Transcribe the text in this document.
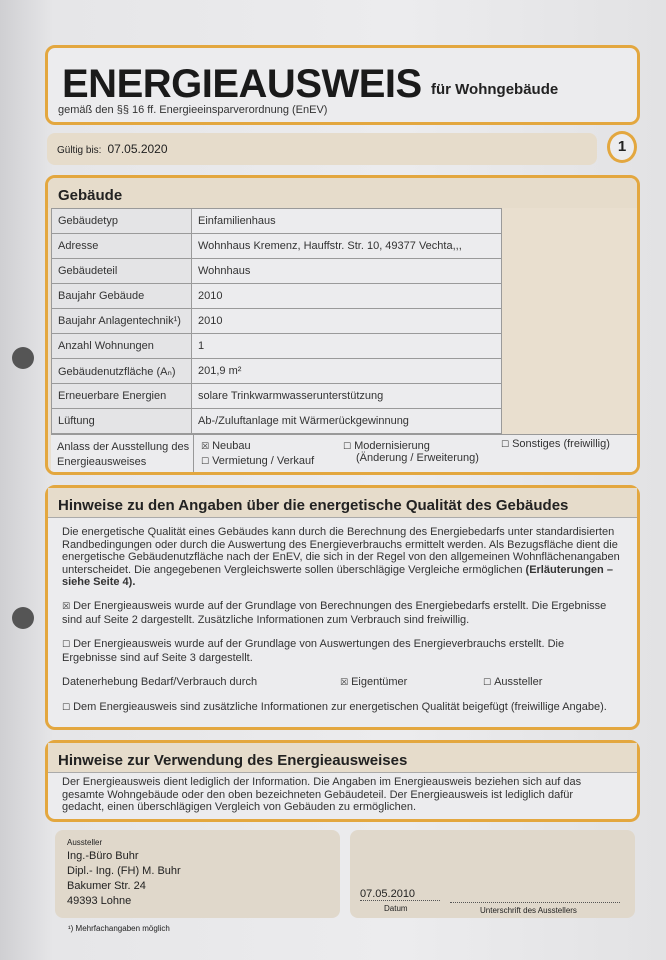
ENERGIEAUSWEIS für Wohngebäude
gemäß den §§ 16 ff. Energieeinsparverordnung (EnEV)
Gültig bis: 07.05.2020	1
Gebäude
Gebäudetyp	Einfamilienhaus
Adresse	Wohnhaus Kremenz, Hauffstr. Str. 10, 49377 Vechta,,,
Gebäudeteil	Wohnhaus
Baujahr Gebäude	2010
Baujahr Anlagentechnik¹)	2010
Anzahl Wohnungen	1
Gebäudenutzfläche (Aₙ)	201,9 m²
Erneuerbare Energien	solare Trinkwarmwasserunterstützung
Lüftung	Ab-/Zuluftanlage mit Wärmerückgewinnung
Anlass der Ausstellung des Energieausweises
☒ Neubau
☐ Vermietung / Verkauf
☐ Modernisierung
(Änderung / Erweiterung)
☐ Sonstiges (freiwillig)
Hinweise zu den Angaben über die energetische Qualität des Gebäudes
Die energetische Qualität eines Gebäudes kann durch die Berechnung des Energiebedarfs unter standardisierten Randbedingungen oder durch die Auswertung des Energieverbrauchs ermittelt werden. Als Bezugsfläche dient die energetische Gebäudenutzfläche nach der EnEV, die sich in der Regel von den allgemeinen Wohnflächenangaben unterscheidet. Die angegebenen Vergleichswerte sollen überschlägige Vergleiche ermöglichen (Erläuterungen – siehe Seite 4).
☒ Der Energieausweis wurde auf der Grundlage von Berechnungen des Energiebedarfs erstellt. Die Ergebnisse sind auf Seite 2 dargestellt. Zusätzliche Informationen zum Verbrauch sind freiwillig.
☐ Der Energieausweis wurde auf der Grundlage von Auswertungen des Energieverbrauchs erstellt. Die Ergebnisse sind auf Seite 3 dargestellt.
Datenerhebung Bedarf/Verbrauch durch	☒ Eigentümer	☐ Aussteller
☐ Dem Energieausweis sind zusätzliche Informationen zur energetischen Qualität beigefügt (freiwillige Angabe).
Hinweise zur Verwendung des Energieausweises
Der Energieausweis dient lediglich der Information. Die Angaben im Energieausweis beziehen sich auf das gesamte Wohngebäude oder den oben bezeichneten Gebäudeteil. Der Energieausweis ist lediglich dafür gedacht, einen überschlägigen Vergleich von Gebäuden zu ermöglichen.
Aussteller
Ing.-Büro Buhr
Dipl.- Ing. (FH) M. Buhr
Bakumer Str. 24
49393 Lohne
07.05.2010
Datum	Unterschrift des Ausstellers
¹) Mehrfachangaben möglich
